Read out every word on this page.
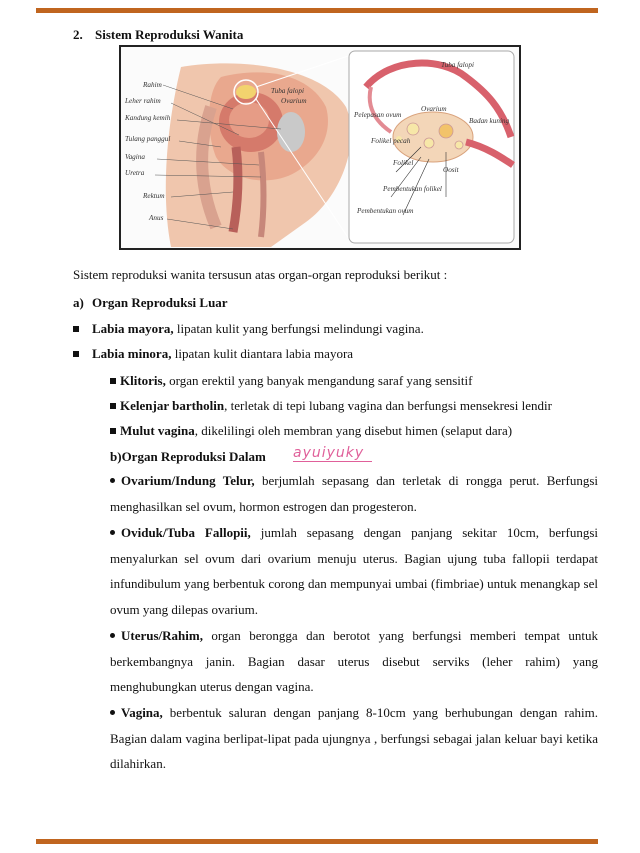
2. Sistem Reproduksi Wanita
Rahim
Leher rahim
Kandung kemih
Tulang panggul
Vagina
Uretra
Rektum
Anus
Tuba falopi
Ovarium
Tuba falopi
Ovarium
Pelepasan ovum
Folikel pecah
Badan kuning
Folikel
Oosit
Pembentukan folikel
Pembentukan ovum
Sistem reproduksi wanita tersusun atas organ-organ reproduksi berikut :
a) Organ Reproduksi Luar
Labia mayora, lipatan kulit yang berfungsi melindungi vagina.
Labia minora, lipatan kulit diantara labia mayora
Klitoris, organ erektil yang banyak mengandung saraf yang sensitif
Kelenjar bartholin, terletak di tepi lubang vagina dan berfungsi mensekresi lendir
Mulut vagina, dikelilingi oleh membran yang disebut himen (selaput dara)
b)Organ Reproduksi Dalam ayuiyuky
Ovarium/Indung Telur, berjumlah sepasang dan terletak di rongga perut. Berfungsi menghasilkan sel ovum, hormon estrogen dan progesteron.
Oviduk/Tuba Fallopii, jumlah sepasang dengan panjang sekitar 10cm, berfungsi menyalurkan sel ovum dari ovarium menuju uterus. Bagian ujung tuba fallopii terdapat infundibulum yang berbentuk corong dan mempunyai umbai (fimbriae) untuk menangkap sel ovum yang dilepas ovarium.
Uterus/Rahim, organ berongga dan berotot yang berfungsi memberi tempat untuk berkembangnya janin. Bagian dasar uterus disebut serviks (leher rahim) yang menghubungkan uterus dengan vagina.
Vagina, berbentuk saluran dengan panjang 8-10cm yang berhubungan dengan rahim. Bagian dalam vagina berlipat-lipat pada ujungnya , berfungsi sebagai jalan keluar bayi ketika dilahirkan.
